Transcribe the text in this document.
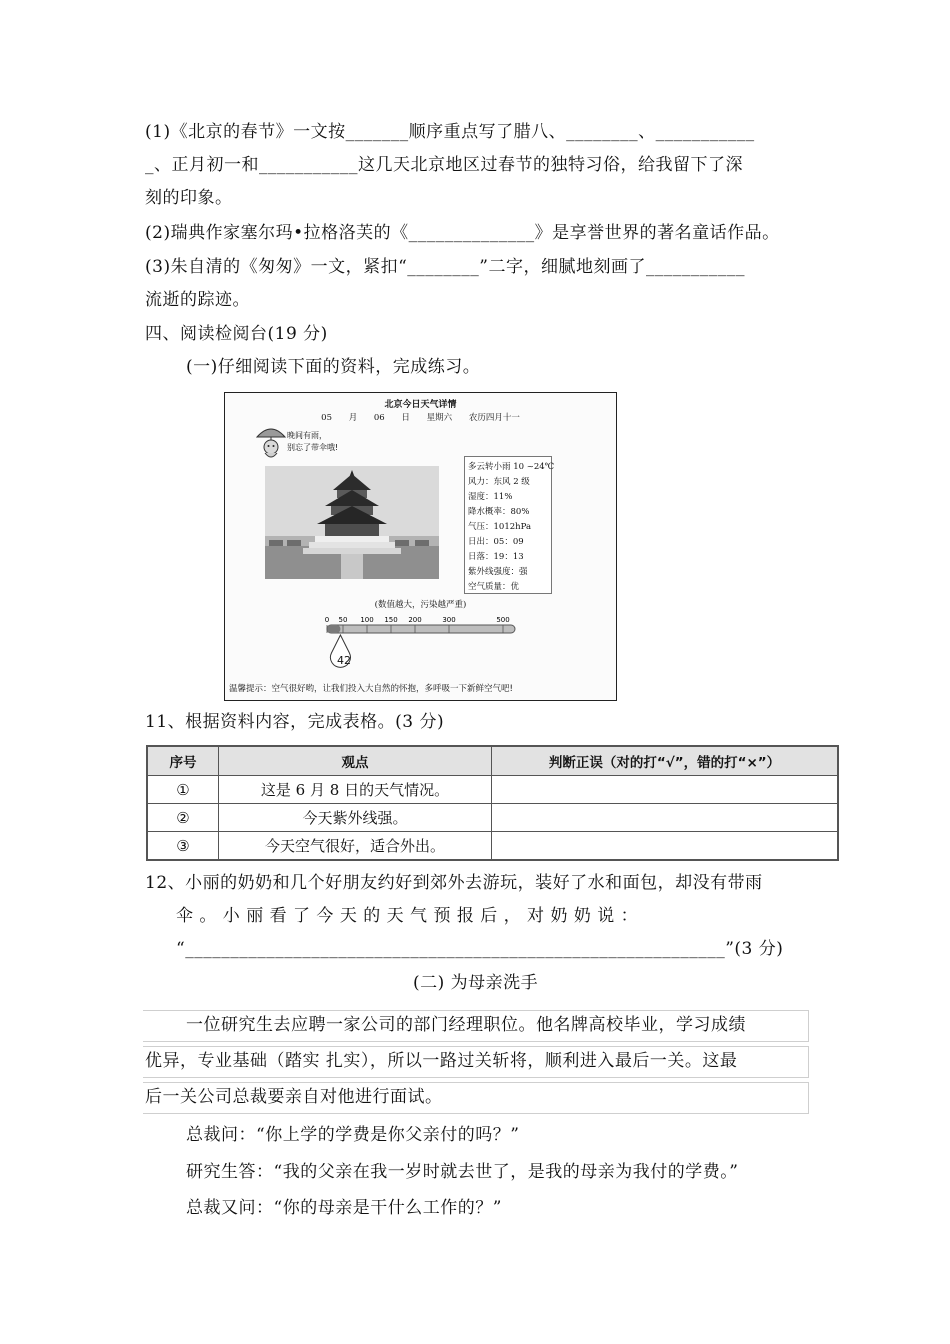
(1)《北京的春节》一文按_______顺序重点写了腊八、________、___________
_、正月初一和___________这几天北京地区过春节的独特习俗，给我留下了深
刻的印象。
(2)瑞典作家塞尔玛•拉格洛芙的《______________》是享誉世界的著名童话作品。
(3)朱自清的《匆匆》一文，紧扣“________”二字，细腻地刻画了___________
流逝的踪迹。
四、阅读检阅台(19 分)
(一)仔细阅读下面的资料，完成练习。
北京今日天气详情
05 月 06 日 星期六 农历四月十一
晚间有雨，
别忘了带伞哦!
多云转小雨 10 ~24℃
风力：东风 2 级
湿度：11%
降水概率：80%
气压：1012hPa
日出：05：09
日落：19：13
紫外线强度：强
空气质量：优
(数值越大，污染越严重)
0 50 100 150 200	300	500
42
温馨提示：空气很好哟，让我们投入大自然的怀抱，多呼吸一下新鲜空气吧!
11、根据资料内容，完成表格。(3 分)
序号	观点	判断正误（对的打“√”，错的打“×”）
①	这是 6 月 8 日的天气情况。	
②	今天紫外线强。	
③	今天空气很好，适合外出。	
12、小丽的奶奶和几个好朋友约好到郊外去游玩，装好了水和面包，却没有带雨
伞 。 小 丽 看 了 今 天 的 天 气 预 报 后 ， 对 奶 奶 说 ：
“____________________________________________________________”(3 分)
(二) 为母亲洗手
一位研究生去应聘一家公司的部门经理职位。他名牌高校毕业，学习成绩
优异，专业基础（踏实 扎实），所以一路过关斩将，顺利进入最后一关。这最
后一关公司总裁要亲自对他进行面试。
总裁问：“你上学的学费是你父亲付的吗？”
研究生答：“我的父亲在我一岁时就去世了，是我的母亲为我付的学费。”
总裁又问：“你的母亲是干什么工作的？”
